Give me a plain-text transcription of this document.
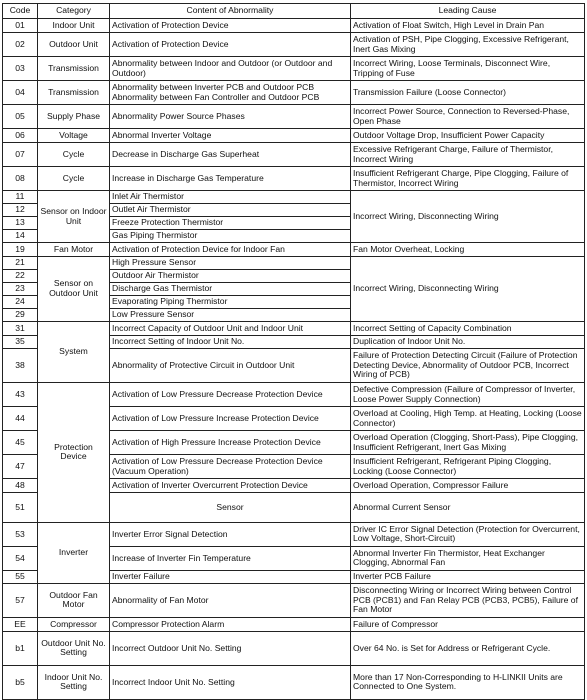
Code	Category	Content of Abnormality	Leading Cause	
01	Indoor Unit	Activation of Protection Device	Activation of Float Switch, High Level in Drain Pan	
02	Outdoor Unit	Activation of Protection Device	Activation of PSH, Pipe Clogging, Excessive Refrigerant, Inert Gas Mixing	
03	Transmission	Abnormality between Indoor and Outdoor (or Outdoor and Outdoor)	Incorrect Wiring, Loose Terminals, Disconnect Wire, Tripping of Fuse	
04	Transmission	Abnormality between Inverter PCB and Outdoor PCB Abnormality between Fan Controller and Outdoor PCB	Transmission Failure (Loose Connector)	
05	Supply Phase	Abnormality Power Source Phases	Incorrect Power Source, Connection to Reversed-Phase, Open Phase	
06	Voltage	Abnormal Inverter Voltage	Outdoor Voltage Drop, Insufficient Power Capacity	
07	Cycle	Decrease in Discharge Gas Superheat	Excessive Refrigerant Charge, Failure of Thermistor, Incorrect Wiring	
08	Cycle	Increase in Discharge Gas Temperature	Insufficient Refrigerant Charge, Pipe Clogging, Failure of Thermistor, Incorrect Wiring	
11	Sensor on Indoor Unit	Inlet Air Thermistor	Incorrect Wiring, Disconnecting Wiring	
12		Outlet Air Thermistor		
13		Freeze Protection Thermistor		
14		Gas Piping Thermistor		
19	Fan Motor	Activation of Protection Device for Indoor Fan	Fan Motor Overheat, Locking	
21	Sensor on Outdoor Unit	High Pressure Sensor	Incorrect Wiring, Disconnecting Wiring	
22		Outdoor Air Thermistor		
23		Discharge Gas Thermistor		
24		Evaporating Piping Thermistor		
29		Low Pressure Sensor		
31	System	Incorrect Capacity of Outdoor Unit and Indoor Unit	Incorrect Setting of Capacity Combination	
35		Incorrect Setting of Indoor Unit No.	Duplication of Indoor Unit No.	
38		Abnormality of Protective Circuit in Outdoor Unit	Failure of Protection Detecting Circuit (Failure of Protection Detecting Device, Abnormality of Outdoor PCB, Incorrect Wiring of PCB)	
43	Protection Device	Activation of Low Pressure Decrease Protection Device	Defective Compression (Failure of Compressor of Inverter, Loose Power Supply Connection)	
44		Activation of Low Pressure Increase Protection Device	Overload at Cooling, High Temp. at Heating, Locking (Loose Connector)	
45		Activation of High Pressure Increase Protection Device	Overload Operation (Clogging, Short-Pass), Pipe Clogging, Insufficient Refrigerant, Inert Gas Mixing	
47		Activation of Low Pressure Decrease Protection Device (Vacuum Operation)	Insufficient Refrigerant, Refrigerant Piping Clogging, Locking (Loose Connector)	
48		Activation of Inverter Overcurrent Protection Device	Overload Operation, Compressor Failure	
51		Sensor	Abnormal Current Sensor	
53	Inverter	Inverter Error Signal Detection	Driver IC Error Signal Detection (Protection for Overcurrent, Low Voltage, Short-Circuit)	
54		Increase of Inverter Fin Temperature	Abnormal Inverter Fin Thermistor, Heat Exchanger Clogging, Abnormal Fan	
55		Inverter Failure	Inverter PCB Failure	
57	Outdoor Fan Motor	Abnormality of Fan Motor	Disconnecting Wiring or Incorrect Wiring between Control PCB (PCB1) and Fan Relay PCB (PCB3, PCB5), Failure of Fan Motor	
EE	Compressor	Compressor Protection Alarm	Failure of Compressor	
b1	Outdoor Unit No. Setting	Incorrect Outdoor Unit No. Setting	Over 64 No. is Set for Address or Refrigerant Cycle.	
b5	Indoor Unit No. Setting	Incorrect Indoor Unit No. Setting	More than 17 Non-Corresponding to H-LINKII Units are Connected to One System.	
